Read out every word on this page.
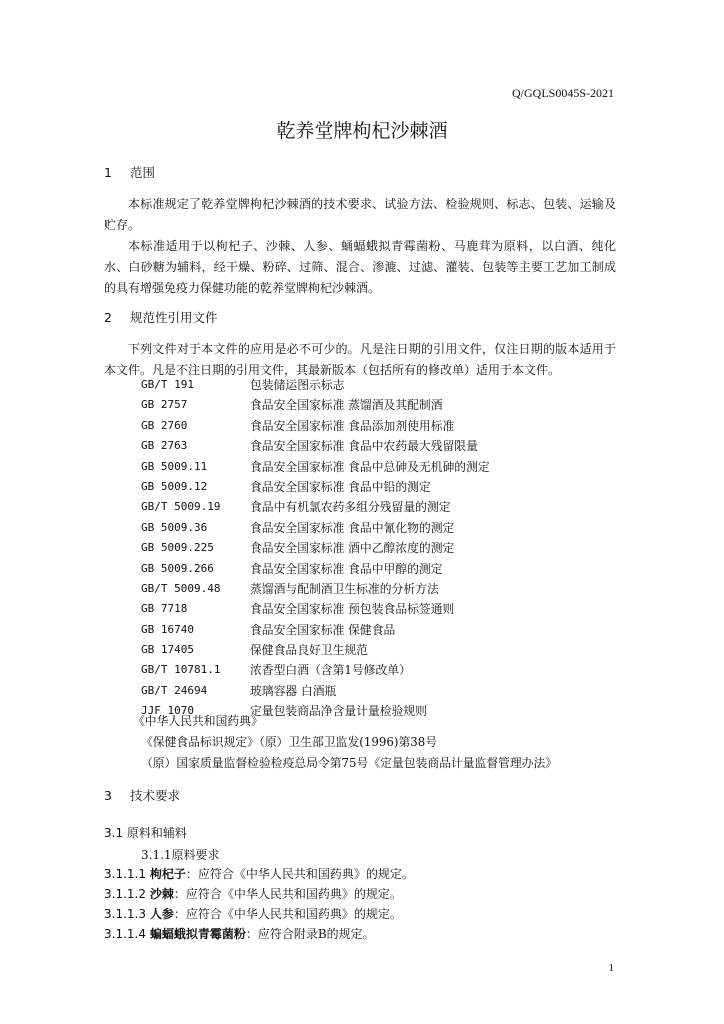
Q/GQLS0045S-2021
乾养堂牌枸杞沙棘酒
1 范围

本标准规定了乾养堂牌枸杞沙棘酒的技术要求、试验方法、检验规则、标志、包装、运输及贮存。

本标准适用于以枸杞子、沙棘、人参、蛹蝠蛾拟青霉菌粉、马鹿茸为原料，以白酒、纯化水、白砂糖为辅料，经干燥、粉碎、过筛、混合、渗漉、过滤、灌装、包装等主要工艺加工制成的具有增强免疫力保健功能的乾养堂牌枸杞沙棘酒。

2 规范性引用文件

下列文件对于本文件的应用是必不可少的。凡是注日期的引用文件，仅注日期的版本适用于本文件。凡是不注日期的引用文件，其最新版本（包括所有的修改单）适用于本文件。

GB/T 191	包装储运图示标志
GB 2757	食品安全国家标准 蒸馏酒及其配制酒
GB 2760	食品安全国家标准 食品添加剂使用标准
GB 2763	食品安全国家标准 食品中农药最大残留限量
GB 5009.11	食品安全国家标准 食品中总砷及无机砷的测定
GB 5009.12	食品安全国家标准 食品中铅的测定
GB/T 5009.19	食品中有机氯农药多组分残留量的测定
GB 5009.36	食品安全国家标准 食品中氰化物的测定
GB 5009.225	食品安全国家标准 酒中乙醇浓度的测定
GB 5009.266	食品安全国家标准 食品中甲醇的测定
GB/T 5009.48	蒸馏酒与配制酒卫生标准的分析方法
GB 7718	食品安全国家标准 预包装食品标签通则
GB 16740	食品安全国家标准 保健食品
GB 17405	保健食品良好卫生规范
GB/T 10781.1	浓香型白酒（含第1号修改单）
GB/T 24694	玻璃容器 白酒瓶
JJF 1070	定量包装商品净含量计量检验规则
《中华人民共和国药典》
《保健食品标识规定》（原）卫生部卫监发(1996)第38号
（原）国家质量监督检验检疫总局令第75号《定量包装商品计量监督管理办法》
3 技术要求
3.1 原料和辅料
3.1.1原料要求
3.1.1.1 枸杞子：应符合《中华人民共和国药典》的规定。
3.1.1.2 沙棘：应符合《中华人民共和国药典》的规定。
3.1.1.3 人参：应符合《中华人民共和国药典》的规定。
3.1.1.4 蝙蝠蛾拟青霉菌粉：应符合附录B的规定。
1
